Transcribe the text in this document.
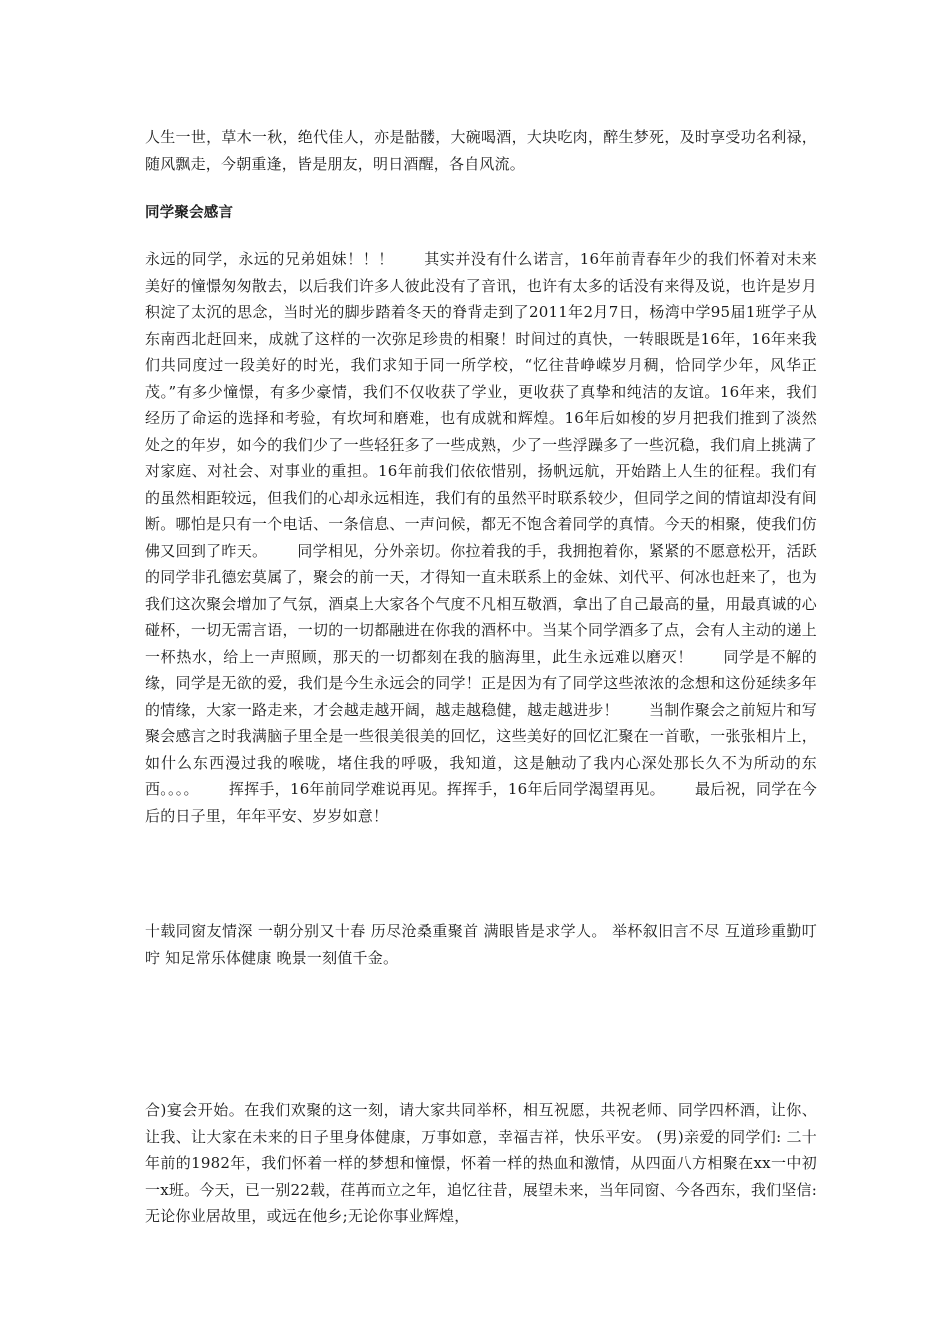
人生一世，草木一秋，绝代佳人，亦是骷髅，大碗喝酒，大块吃肉，醉生梦死，及时享受功名利禄，随风飘走，今朝重逢，皆是朋友，明日酒醒，各自风流。

同学聚会感言

永远的同学，永远的兄弟姐妹！！！ 其实并没有什么诺言，16年前青春年少的我们怀着对未来美好的憧憬匆匆散去，以后我们许多人彼此没有了音讯，也许有太多的话没有来得及说，也许是岁月积淀了太沉的思念，当时光的脚步踏着冬天的脊背走到了2011年2月7日，杨湾中学95届1班学子从东南西北赶回来，成就了这样的一次弥足珍贵的相聚！时间过的真快，一转眼既是16年，16年来我们共同度过一段美好的时光，我们求知于同一所学校，“忆往昔峥嵘岁月稠，恰同学少年，风华正茂。”有多少憧憬，有多少豪情，我们不仅收获了学业，更收获了真挚和纯洁的友谊。16年来，我们经历了命运的选择和考验，有坎坷和磨难，也有成就和辉煌。16年后如梭的岁月把我们推到了淡然处之的年岁，如今的我们少了一些轻狂多了一些成熟，少了一些浮躁多了一些沉稳，我们肩上挑满了对家庭、对社会、对事业的重担。16年前我们依依惜别，扬帆远航，开始踏上人生的征程。我们有的虽然相距较远，但我们的心却永远相连，我们有的虽然平时联系较少，但同学之间的情谊却没有间断。哪怕是只有一个电话、一条信息、一声问候，都无不饱含着同学的真情。今天的相聚，使我们仿佛又回到了昨天。 同学相见，分外亲切。你拉着我的手，我拥抱着你，紧紧的不愿意松开，活跃的同学非孔德宏莫属了，聚会的前一天，才得知一直未联系上的金妹、刘代平、何冰也赶来了，也为我们这次聚会增加了气氛，酒桌上大家各个气度不凡相互敬酒，拿出了自己最高的量，用最真诚的心碰杯，一切无需言语，一切的一切都融进在你我的酒杯中。当某个同学酒多了点，会有人主动的递上一杯热水，给上一声照顾，那天的一切都刻在我的脑海里，此生永远难以磨灭！ 同学是不解的缘，同学是无欲的爱，我们是今生永远会的同学！正是因为有了同学这些浓浓的念想和这份延续多年的情缘，大家一路走来，才会越走越开阔，越走越稳健，越走越进步！ 当制作聚会之前短片和写聚会感言之时我满脑子里全是一些很美很美的回忆，这些美好的回忆汇聚在一首歌，一张张相片上，如什么东西漫过我的喉咙，堵住我的呼吸，我知道，这是触动了我内心深处那长久不为所动的东西。。。。 挥挥手，16年前同学难说再见。挥挥手，16年后同学渴望再见。 最后祝，同学在今后的日子里，年年平安、岁岁如意！

十载同窗友情深 一朝分别又十春 历尽沧桑重聚首 满眼皆是求学人。 举杯叙旧言不尽 互道珍重勤叮咛 知足常乐体健康 晚景一刻值千金。

合)宴会开始。在我们欢聚的这一刻，请大家共同举杯，相互祝愿，共祝老师、同学四杯酒，让你、让我、让大家在未来的日子里身体健康，万事如意，幸福吉祥，快乐平安。 (男)亲爱的同学们: 二十年前的1982年，我们怀着一样的梦想和憧憬，怀着一样的热血和激情，从四面八方相聚在xx一中初一x班。今天，已一别22载，荏苒而立之年，追忆往昔，展望未来，当年同窗、今各西东，我们坚信:无论你业居故里，或远在他乡;无论你事业辉煌，
